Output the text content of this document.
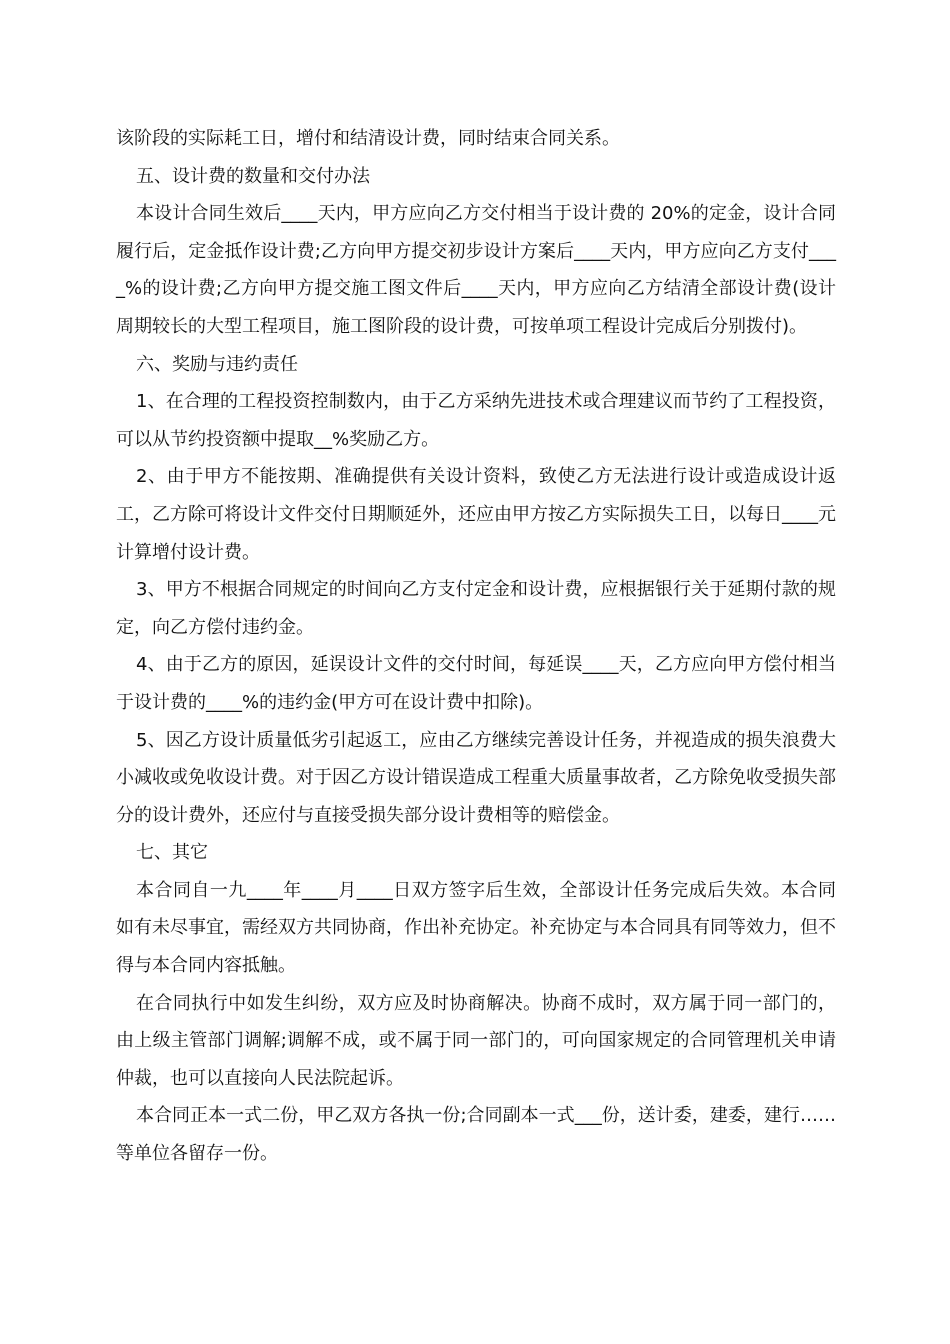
该阶段的实际耗工日，增付和结清设计费，同时结束合同关系。

五、设计费的数量和交付办法

本设计合同生效后____天内，甲方应向乙方交付相当于设计费的 20%的定金，设计合同履行后，定金抵作设计费;乙方向甲方提交初步设计方案后____天内，甲方应向乙方支付____%的设计费;乙方向甲方提交施工图文件后____天内，甲方应向乙方结清全部设计费(设计周期较长的大型工程项目，施工图阶段的设计费，可按单项工程设计完成后分别拨付)。

六、奖励与违约责任

1、在合理的工程投资控制数内，由于乙方采纳先进技术或合理建议而节约了工程投资，可以从节约投资额中提取__%奖励乙方。

2、由于甲方不能按期、准确提供有关设计资料，致使乙方无法进行设计或造成设计返工，乙方除可将设计文件交付日期顺延外，还应由甲方按乙方实际损失工日，以每日____元计算增付设计费。

3、甲方不根据合同规定的时间向乙方支付定金和设计费，应根据银行关于延期付款的规定，向乙方偿付违约金。

4、由于乙方的原因，延误设计文件的交付时间，每延误____天，乙方应向甲方偿付相当于设计费的____%的违约金(甲方可在设计费中扣除)。

5、因乙方设计质量低劣引起返工，应由乙方继续完善设计任务，并视造成的损失浪费大小减收或免收设计费。对于因乙方设计错误造成工程重大质量事故者，乙方除免收受损失部分的设计费外，还应付与直接受损失部分设计费相等的赔偿金。

七、其它

本合同自一九____年____月____日双方签字后生效，全部设计任务完成后失效。本合同如有未尽事宜，需经双方共同协商，作出补充协定。补充协定与本合同具有同等效力，但不得与本合同内容抵触。

在合同执行中如发生纠纷，双方应及时协商解决。协商不成时，双方属于同一部门的，由上级主管部门调解;调解不成，或不属于同一部门的，可向国家规定的合同管理机关申请仲裁，也可以直接向人民法院起诉。

本合同正本一式二份，甲乙双方各执一份;合同副本一式___份，送计委，建委，建行……等单位各留存一份。
